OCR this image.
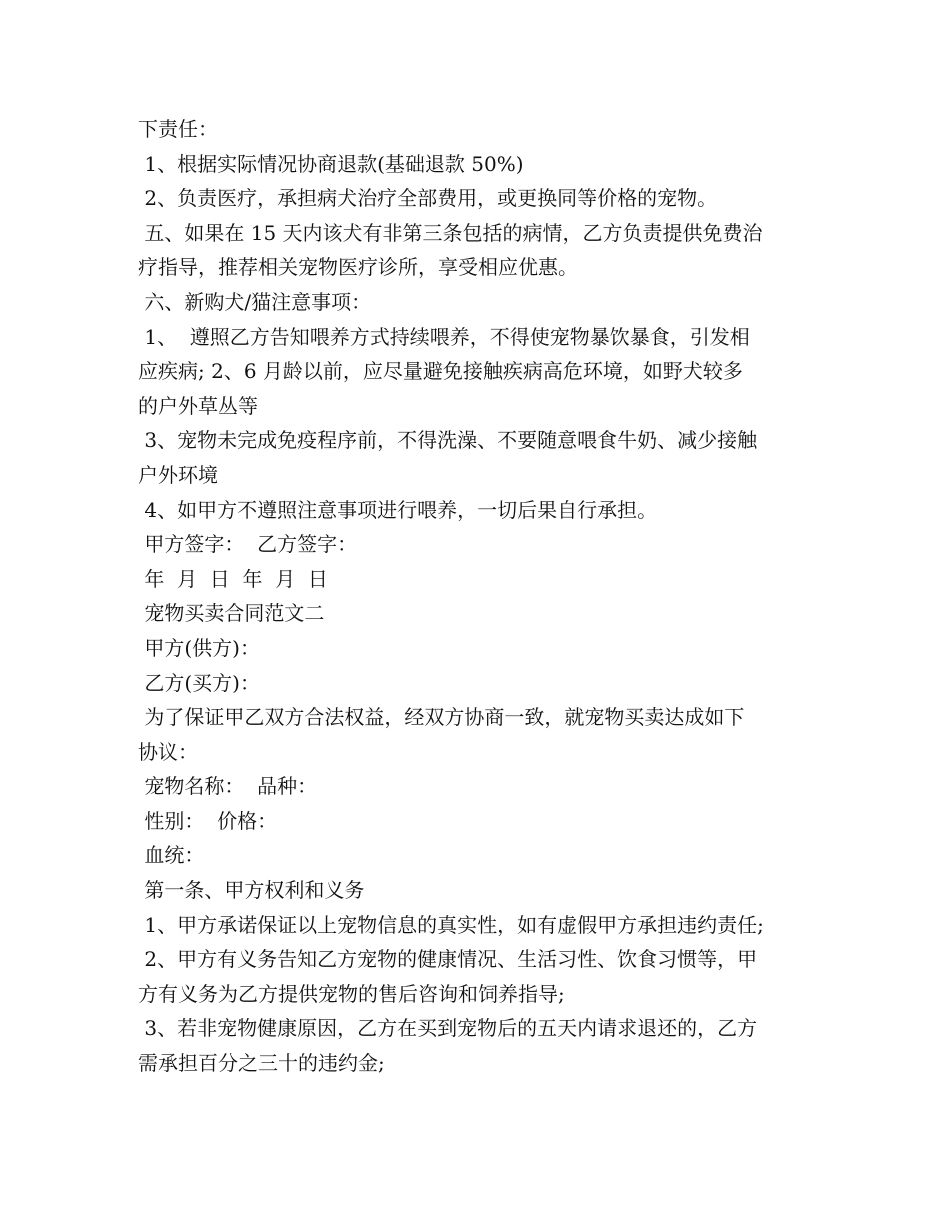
下责任：
1、根据实际情况协商退款(基础退款 50%)
2、负责医疗，承担病犬治疗全部费用，或更换同等价格的宠物。
五、如果在 15 天内该犬有非第三条包括的病情，乙方负责提供免费治
疗指导，推荐相关宠物医疗诊所，享受相应优惠。
六、新购犬/猫注意事项：
1、  遵照乙方告知喂养方式持续喂养，不得使宠物暴饮暴食，引发相
应疾病; 2、6 月龄以前，应尽量避免接触疾病高危环境，如野犬较多
的户外草丛等
3、宠物未完成免疫程序前，不得洗澡、不要随意喂食牛奶、减少接触
户外环境
4、如甲方不遵照注意事项进行喂养，一切后果自行承担。
甲方签字：  乙方签字：
年  月  日  年  月  日
宠物买卖合同范文二
甲方(供方)：
乙方(买方)：
为了保证甲乙双方合法权益，经双方协商一致，就宠物买卖达成如下
协议：
宠物名称：  品种：
性别：  价格：
血统：
第一条、甲方权利和义务
1、甲方承诺保证以上宠物信息的真实性，如有虚假甲方承担违约责任;
2、甲方有义务告知乙方宠物的健康情况、生活习性、饮食习惯等，甲
方有义务为乙方提供宠物的售后咨询和饲养指导;
3、若非宠物健康原因，乙方在买到宠物后的五天内请求退还的，乙方
需承担百分之三十的违约金;
